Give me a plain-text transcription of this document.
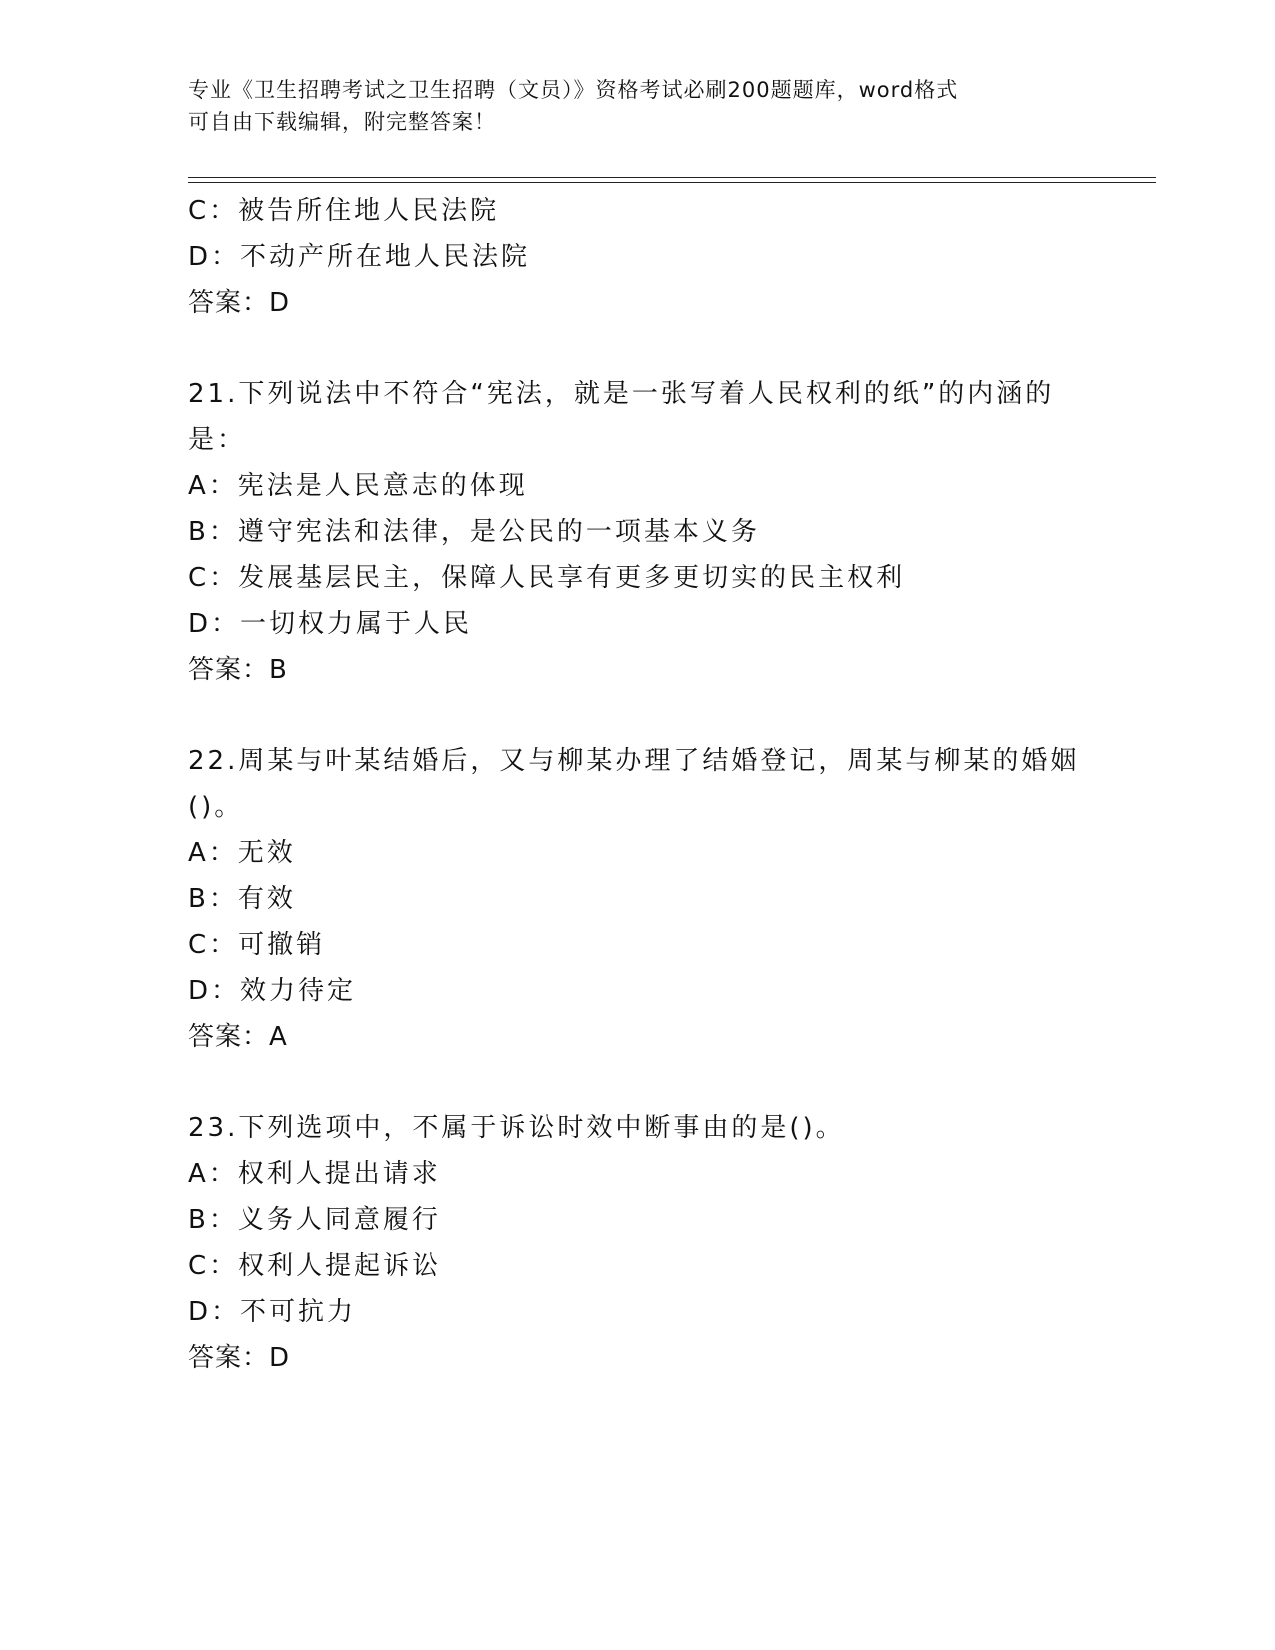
专业《卫生招聘考试之卫生招聘（文员）》资格考试必刷200题题库，word格式
可自由下载编辑，附完整答案！
C：被告所住地人民法院
D：不动产所在地人民法院
答案：D
21.下列说法中不符合“宪法，就是一张写着人民权利的纸”的内涵的
是：
A：宪法是人民意志的体现
B：遵守宪法和法律，是公民的一项基本义务
C：发展基层民主，保障人民享有更多更切实的民主权利
D：一切权力属于人民
答案：B
22.周某与叶某结婚后，又与柳某办理了结婚登记，周某与柳某的婚姻
()。
A：无效
B：有效
C：可撤销
D：效力待定
答案：A
23.下列选项中，不属于诉讼时效中断事由的是()。
A：权利人提出请求
B：义务人同意履行
C：权利人提起诉讼
D：不可抗力
答案：D
